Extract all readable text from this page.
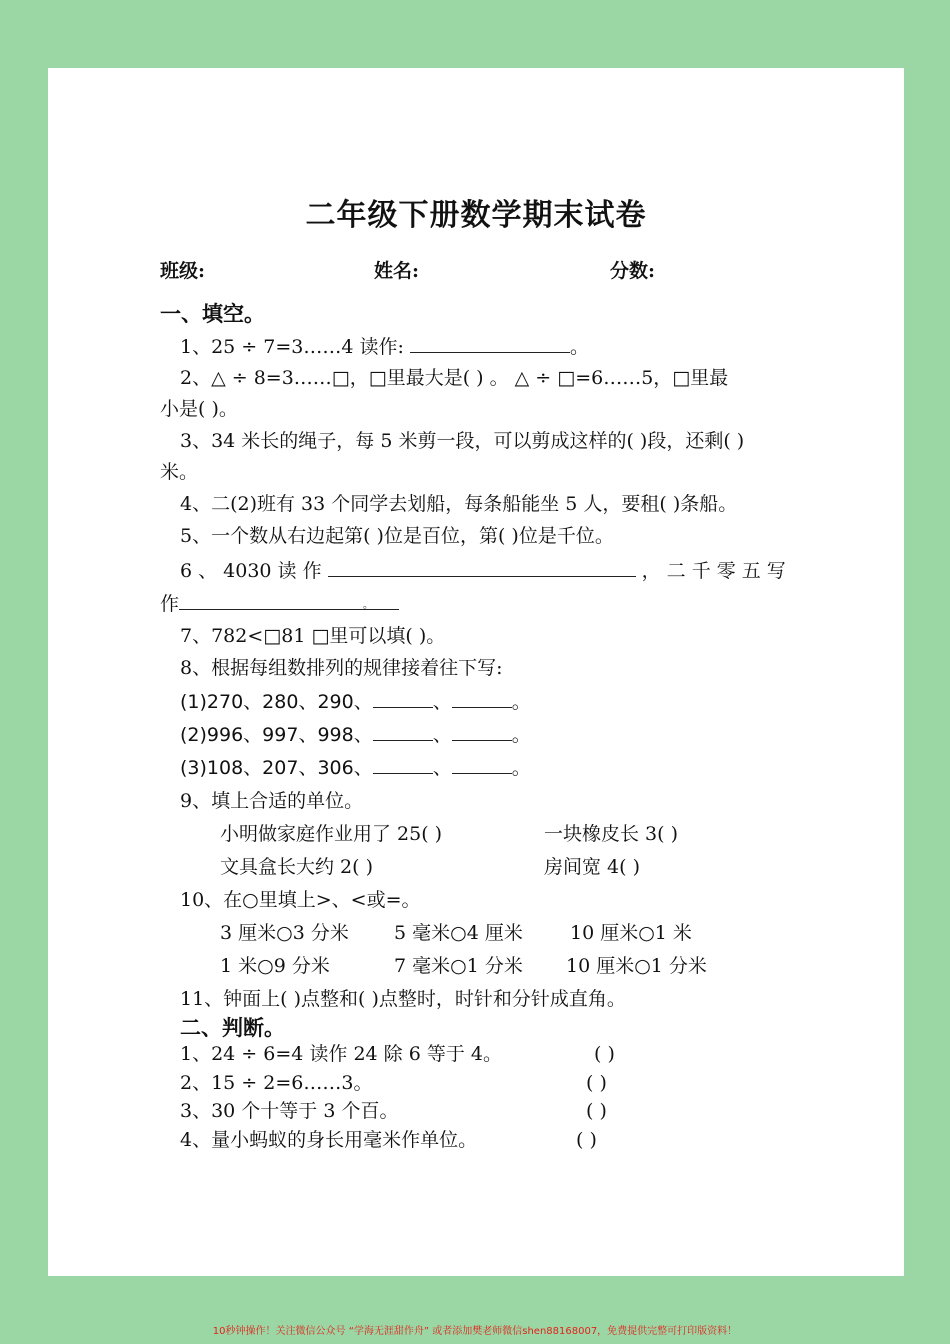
二年级下册数学期末试卷
班级:	姓名:	分数:
一、填空。
1、25 ÷ 7=3……4 读作:	。
2、△ ÷ 8=3……□，□里最大是( ) 。 △ ÷ □=6……5，□里最
小是( )。
3、34 米长的绳子，每 5 米剪一段，可以剪成这样的( )段，还剩( )
米。
4、二(2)班有 33 个同学去划船，每条船能坐 5 人，要租( )条船。
5、一个数从右边起第( )位是百位，第( )位是千位。
6 、 4030 读 作	， 二 千 零 五 写
作	。
7、782<□81 □里可以填( )。
8、根据每组数排列的规律接着往下写:
(1)270、280、290、	、	。
(2)996、997、998、	、	。
(3)108、207、306、	、	。
9、填上合适的单位。
小明做家庭作业用了 25( )	一块橡皮长 3( )
文具盒长大约 2( )	房间宽 4( )
10、在○里填上>、<或=。
3 厘米○3 分米 5 毫米○4 厘米 10 厘米○1 米
1 米○9 分米	7 毫米○1 分米 10 厘米○1 分米
11、钟面上( )点整和( )点整时，时针和分针成直角。
二、判断。
1、24 ÷ 6=4 读作 24 除 6 等于 4。	( )
2、15 ÷ 2=6……3。	( )
3、30 个十等于 3 个百。	( )
4、量小蚂蚁的身长用毫米作单位。	( )
10秒钟操作！关注微信公众号 “学海无涯甜作舟” 或者添加樊老师微信shen88168007，免费提供完整可打印版资料！
